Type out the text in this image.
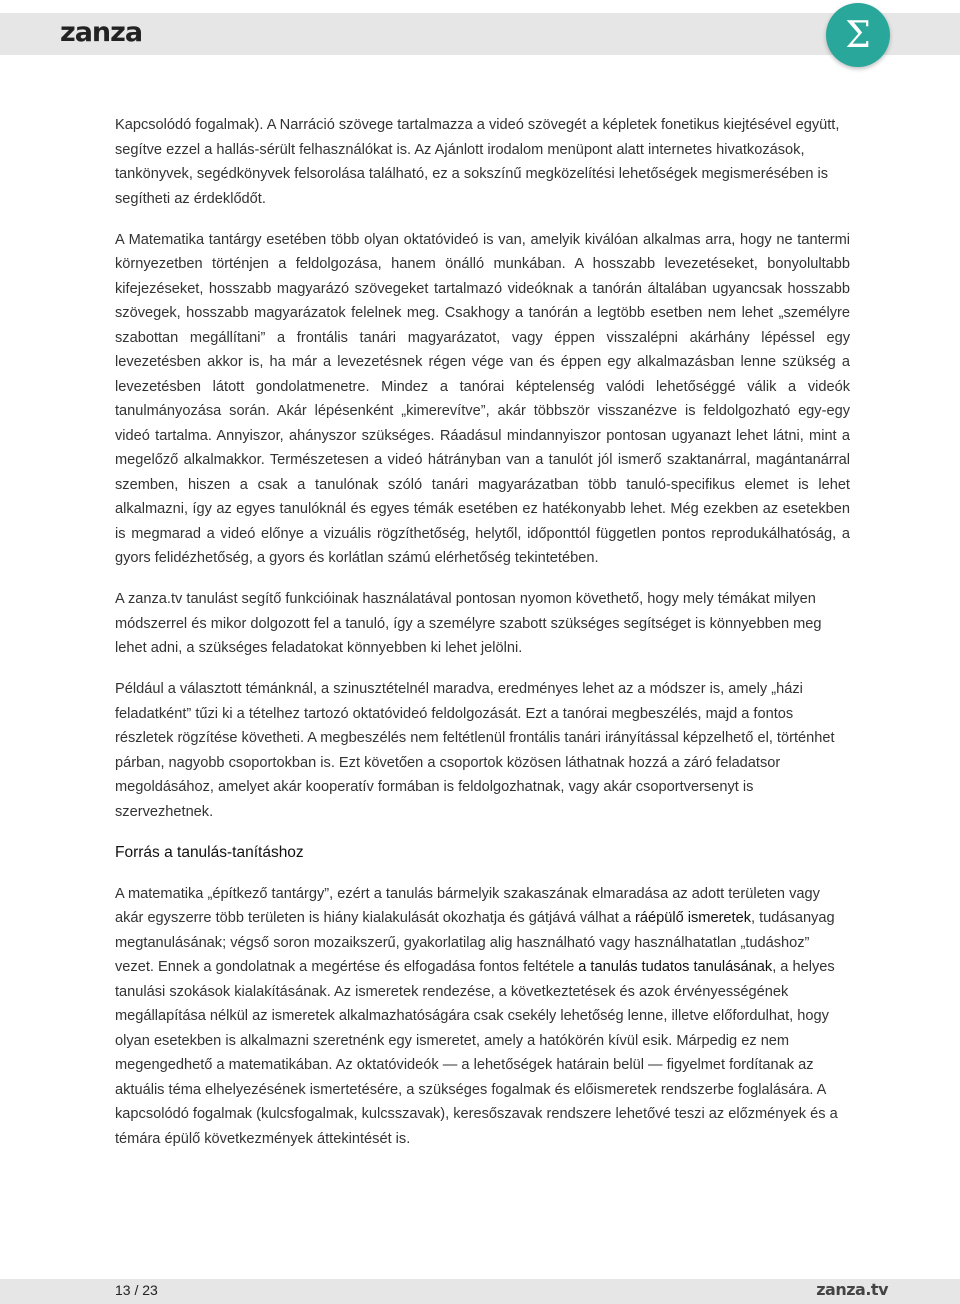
zanza	Σ

Kapcsolódó fogalmak). A Narráció szövege tartalmazza a videó szövegét a képletek fonetikus kiejtésével együtt, segítve ezzel a hallás-sérült felhasználókat is. Az Ajánlott irodalom menüpont alatt internetes hivatkozások, tankönyvek, segédkönyvek felsorolása található, ez a sokszínű megközelítési lehetőségek megismerésében is segítheti az érdeklődőt.

A Matematika tantárgy esetében több olyan oktatóvideó is van, amelyik kiválóan alkalmas arra, hogy ne tantermi környezetben történjen a feldolgozása, hanem önálló munkában. A hosszabb levezetéseket, bonyolultabb kifejezéseket, hosszabb magyarázó szövegeket tartalmazó videóknak a tanórán általában ugyancsak hosszabb szövegek, hosszabb magyarázatok felelnek meg. Csakhogy a tanórán a legtöbb esetben nem lehet „személyre szabottan megállítani” a frontális tanári magyarázatot, vagy éppen visszalépni akárhány lépéssel egy levezetésben akkor is, ha már a levezetésnek régen vége van és éppen egy alkalmazásban lenne szükség a levezetésben látott gondolatmenetre. Mindez a tanórai képtelenség valódi lehetőséggé válik a videók tanulmányozása során. Akár lépésenként „kimerevítve”, akár többször visszanézve is feldolgozható egy-egy videó tartalma. Annyiszor, ahányszor szükséges. Ráadásul mindannyiszor pontosan ugyanazt lehet látni, mint a megelőző alkalmakkor. Természetesen a videó hátrányban van a tanulót jól ismerő szaktanárral, magántanárral szemben, hiszen a csak a tanulónak szóló tanári magyarázatban több tanuló-specifikus elemet is lehet alkalmazni, így az egyes tanulóknál és egyes témák esetében ez hatékonyabb lehet. Még ezekben az esetekben is megmarad a videó előnye a vizuális rögzíthetőség, helytől, időponttól független pontos reprodukálhatóság, a gyors felidézhetőség, a gyors és korlátlan számú elérhetőség tekintetében.

A zanza.tv tanulást segítő funkcióinak használatával pontosan nyomon követhető, hogy mely témákat milyen módszerrel és mikor dolgozott fel a tanuló, így a személyre szabott szükséges segítséget is könnyebben meg lehet adni, a szükséges feladatokat könnyebben ki lehet jelölni.

Például a választott témánknál, a szinusztételnél maradva, eredményes lehet az a módszer is, amely „házi feladatként” tűzi ki a tételhez tartozó oktatóvideó feldolgozását. Ezt a tanórai megbeszélés, majd a fontos részletek rögzítése követheti. A megbeszélés nem feltétlenül frontális tanári irányítással képzelhető el, történhet párban, nagyobb csoportokban is. Ezt követően a csoportok közösen láthatnak hozzá a záró feladatsor megoldásához, amelyet akár kooperatív formában is feldolgozhatnak, vagy akár csoportversenyt is szervezhetnek.

Forrás a tanulás-tanításhoz

A matematika „építkező tantárgy”, ezért a tanulás bármelyik szakaszának elmaradása az adott területen vagy akár egyszerre több területen is hiány kialakulását okozhatja és gátjává válhat a ráépülő ismeretek, tudásanyag megtanulásának; végső soron mozaikszerű, gyakorlatilag alig használható vagy használhatatlan „tudáshoz” vezet. Ennek a gondolatnak a megértése és elfogadása fontos feltétele a tanulás tudatos tanulásának, a helyes tanulási szokások kialakításának. Az ismeretek rendezése, a következtetések és azok érvényességének megállapítása nélkül az ismeretek alkalmazhatóságára csak csekély lehetőség lenne, illetve előfordulhat, hogy olyan esetekben is alkalmazni szeretnénk egy ismeretet, amely a hatókörén kívül esik. Márpedig ez nem megengedhető a matematikában. Az oktatóvideók — a lehetőségek határain belül — figyelmet fordítanak az aktuális téma elhelyezésének ismertetésére, a szükséges fogalmak és előismeretek rendszerbe foglalására. A kapcsolódó fogalmak (kulcsfogalmak, kulcsszavak), keresőszavak rendszere lehetővé teszi az előzmények és a témára épülő következmények áttekintését is.

13 / 23	zanza.tv
